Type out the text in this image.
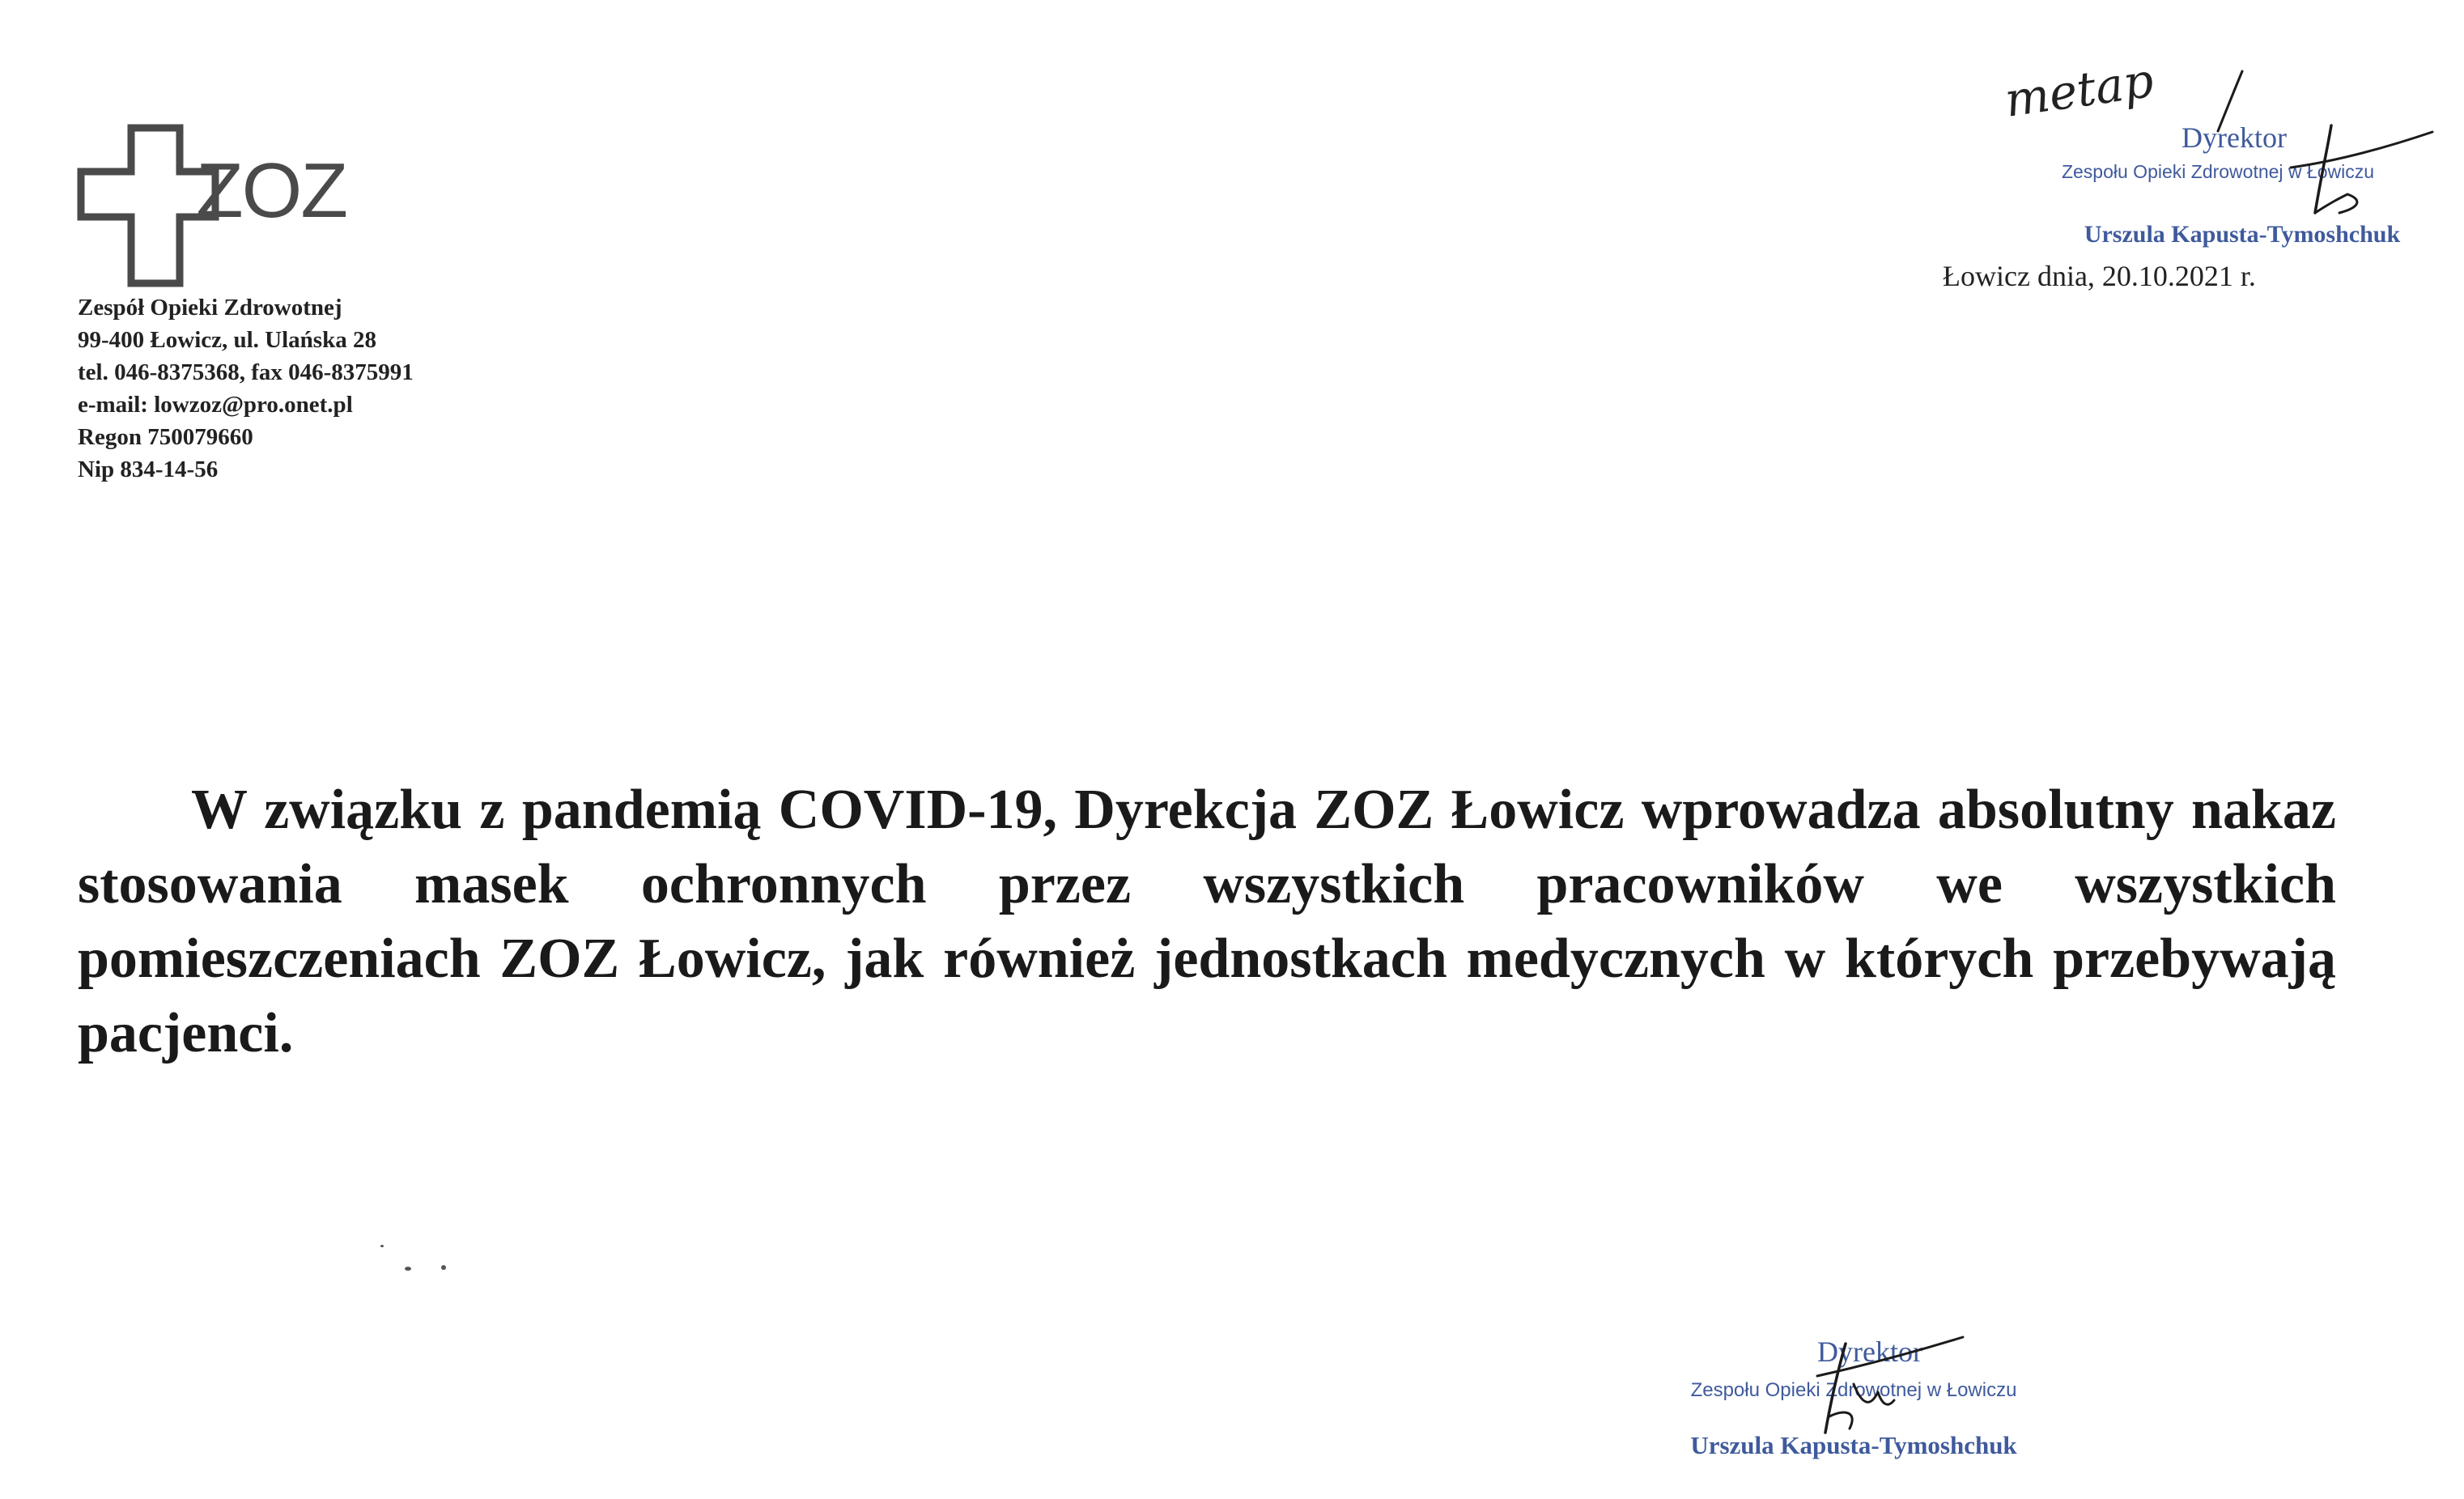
ZOZ
Zespół Opieki Zdrowotnej
99-400 Łowicz, ul. Ulańska 28
tel. 046-8375368, fax 046-8375991
e-mail: lowzoz@pro.onet.pl
Regon 750079660
Nip 834-14-56
Dyrektor
Zespołu Opieki Zdrowotnej w Łowiczu
Urszula Kapusta-Tymoshchuk
metap
Łowicz dnia, 20.10.2021 r.
W związku z pandemią COVID-19, Dyrekcja ZOZ Łowicz wprowadza absolutny nakaz stosowania masek ochronnych przez wszystkich pracowników we wszystkich pomieszczeniach ZOZ Łowicz, jak również jednostkach medycznych w których przebywają pacjenci.
Dyrektor
Zespołu Opieki Zdrowotnej w Łowiczu
Urszula Kapusta-Tymoshchuk
